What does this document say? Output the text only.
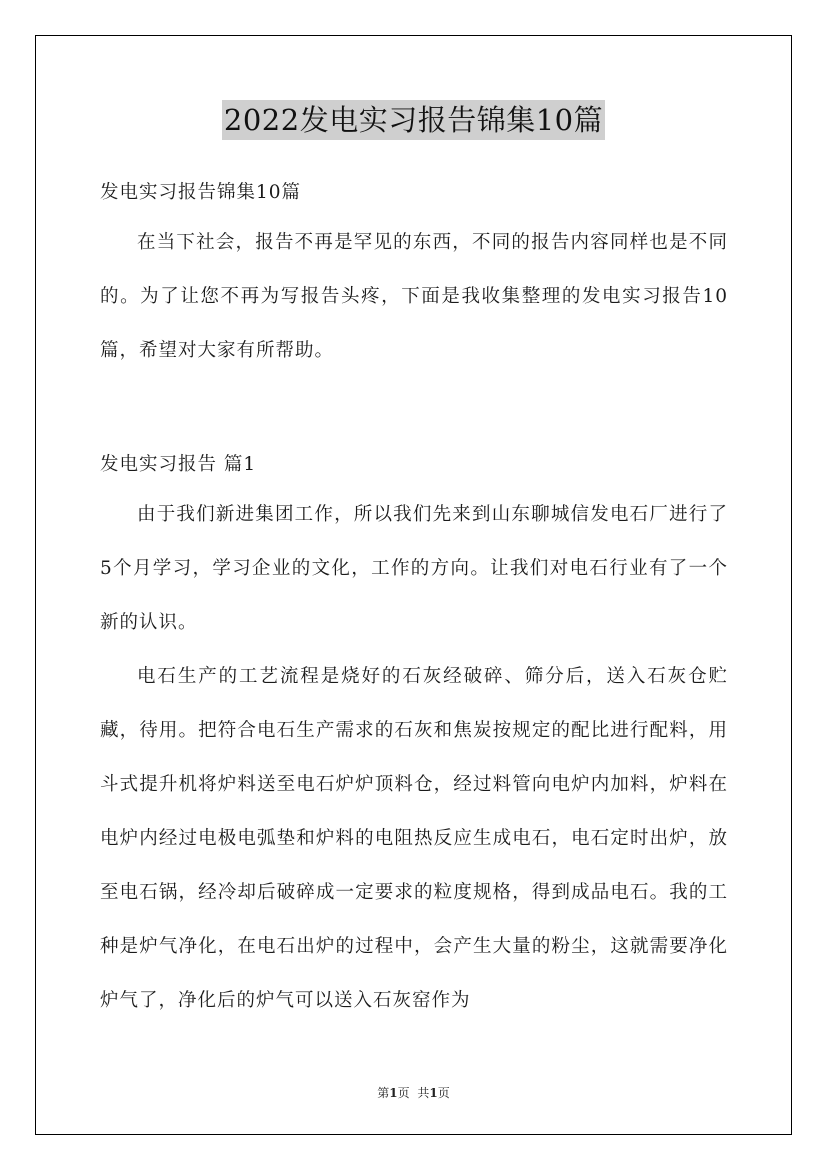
2022发电实习报告锦集10篇

发电实习报告锦集10篇

在当下社会，报告不再是罕见的东西，不同的报告内容同样也是不同的。为了让您不再为写报告头疼，下面是我收集整理的发电实习报告10篇，希望对大家有所帮助。

发电实习报告 篇1

由于我们新进集团工作，所以我们先来到山东聊城信发电石厂进行了5个月学习，学习企业的文化，工作的方向。让我们对电石行业有了一个新的认识。

电石生产的工艺流程是烧好的石灰经破碎、筛分后，送入石灰仓贮藏，待用。把符合电石生产需求的石灰和焦炭按规定的配比进行配料，用斗式提升机将炉料送至电石炉炉顶料仓，经过料管向电炉内加料，炉料在电炉内经过电极电弧垫和炉料的电阻热反应生成电石，电石定时出炉，放至电石锅，经冷却后破碎成一定要求的粒度规格，得到成品电石。我的工种是炉气净化，在电石出炉的过程中，会产生大量的粉尘，这就需要净化炉气了，净化后的炉气可以送入石灰窑作为

第1页 共1页
